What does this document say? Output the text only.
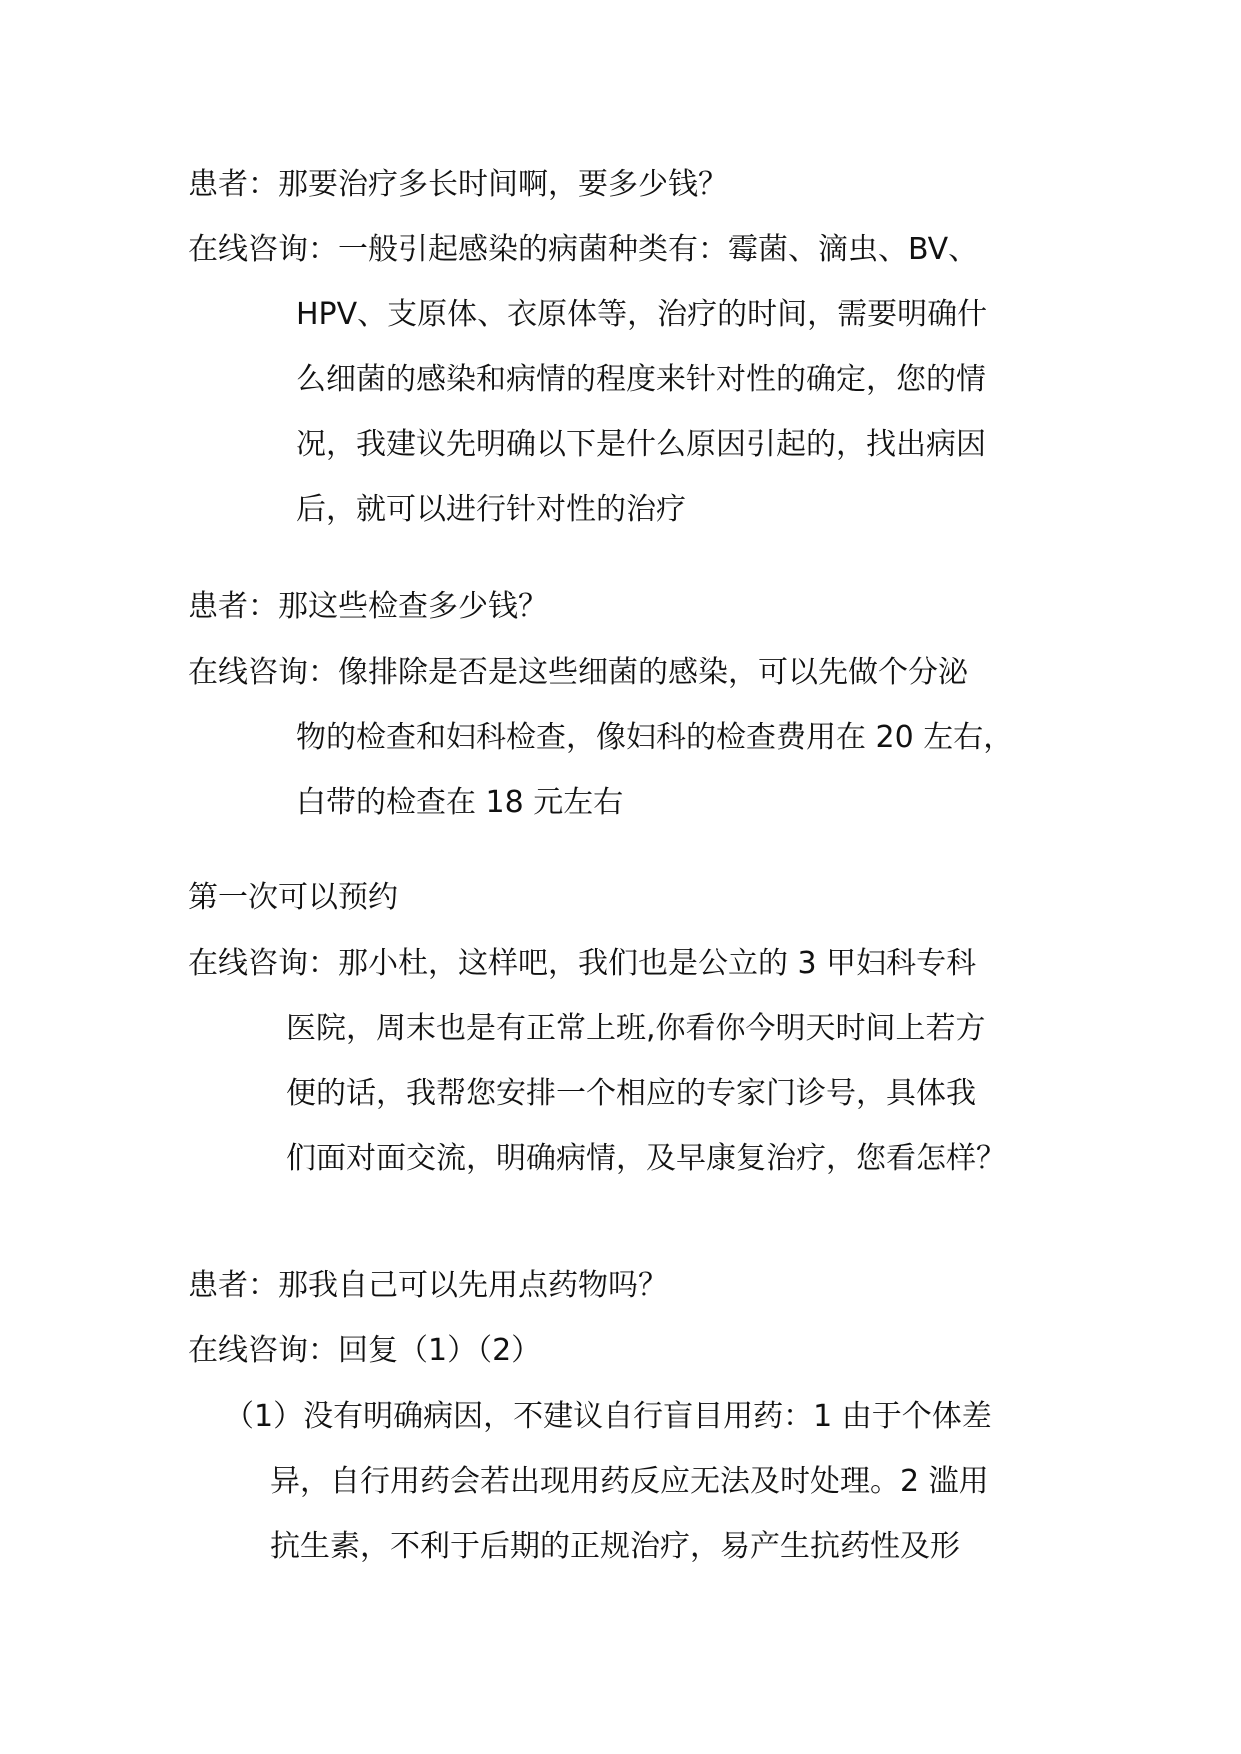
患者：那要治疗多长时间啊，要多少钱？
在线咨询：一般引起感染的病菌种类有：霉菌、滴虫、BV、
HPV、支原体、衣原体等，治疗的时间，需要明确什
么细菌的感染和病情的程度来针对性的确定，您的情
况，我建议先明确以下是什么原因引起的，找出病因
后，就可以进行针对性的治疗
患者：那这些检查多少钱？
在线咨询：像排除是否是这些细菌的感染，可以先做个分泌
物的检查和妇科检查，像妇科的检查费用在 20 左右，
白带的检查在 18 元左右
第一次可以预约
在线咨询：那小杜，这样吧，我们也是公立的 3 甲妇科专科
医院，周末也是有正常上班,你看你今明天时间上若方
便的话，我帮您安排一个相应的专家门诊号，具体我
们面对面交流，明确病情，及早康复治疗，您看怎样？
患者：那我自己可以先用点药物吗？
在线咨询：回复（1）（2）
（1）没有明确病因，不建议自行盲目用药：1 由于个体差
异，自行用药会若出现用药反应无法及时处理。2 滥用
抗生素，不利于后期的正规治疗，易产生抗药性及形
